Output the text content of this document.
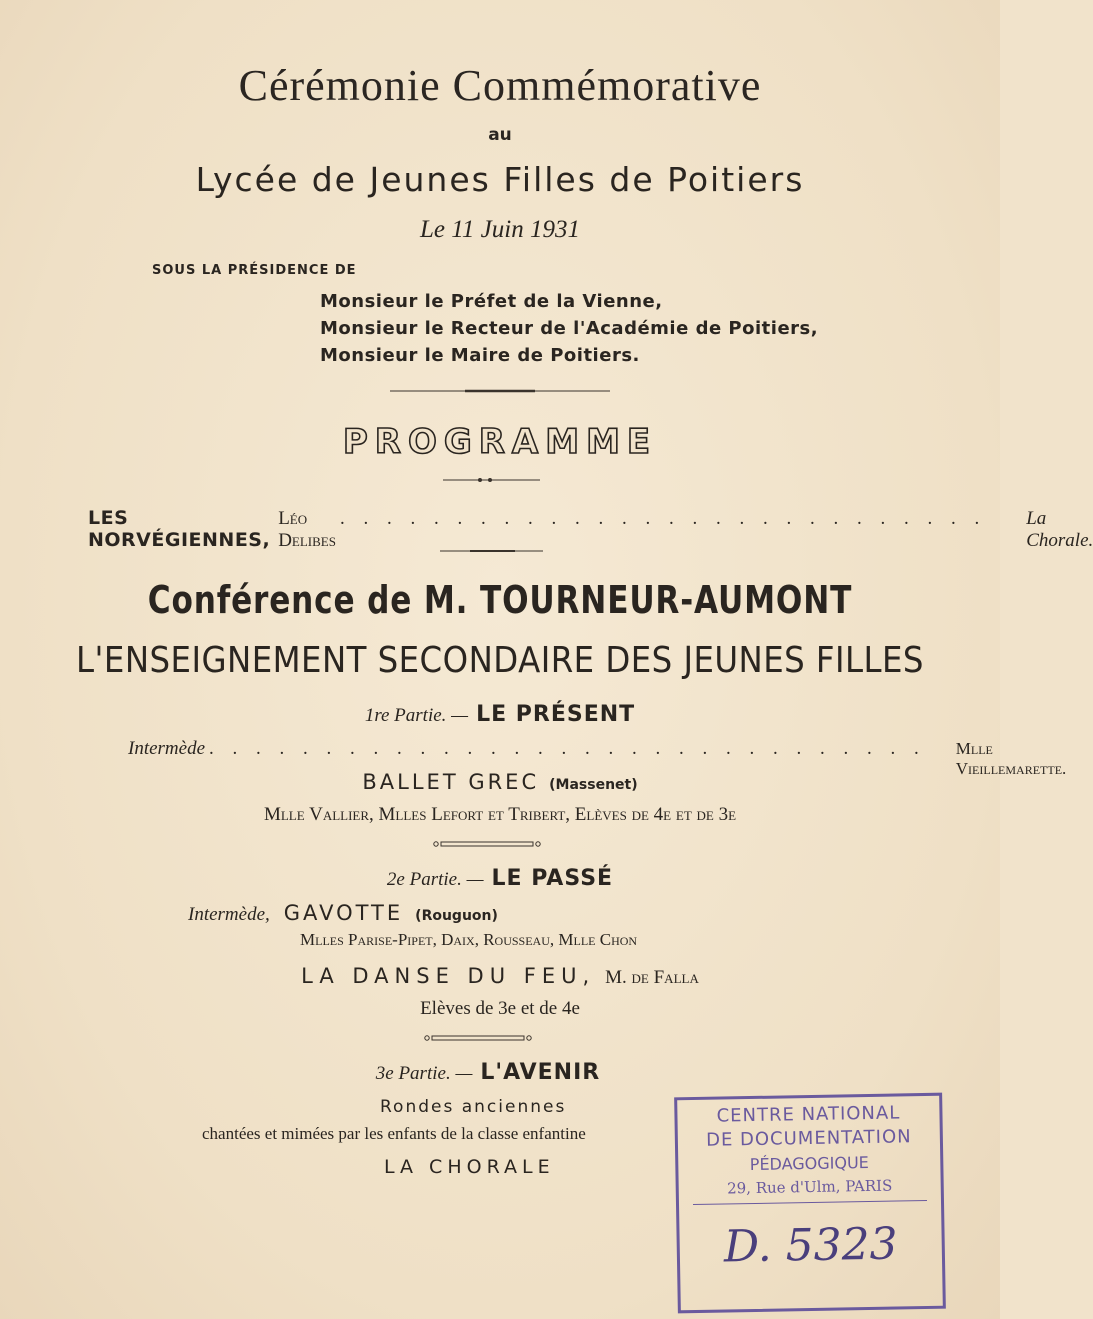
Cérémonie Commémorative
au
Lycée de Jeunes Filles de Poitiers
Le 11 Juin 1931
SOUS LA PRÉSIDENCE DE
Monsieur le Préfet de la Vienne,
Monsieur le Recteur de l'Académie de Poitiers,
Monsieur le Maire de Poitiers.
PROGRAMME
LES NORVÉGIENNES,
Léo Delibes
. . . . . . . . . . . . . . . . . . . . . . . . . . . . La Chorale.
Conférence de M. TOURNEUR-AUMONT
L'ENSEIGNEMENT SECONDAIRE DES JEUNES FILLES
1re Partie. — LE PRÉSENT
Intermède . . . . . . . . . . . . . . . . . . . . . . . . . . . . . . . Mlle Vieillemarette.
BALLET GREC (Massenet)
Mlle Vallier, Mlles Lefort et Tribert, Elèves de 4e et de 3e
2e Partie. — LE PASSÉ
Intermède, GAVOTTE (Rouguon)
Mlles Parise-Pipet, Daix, Rousseau, Mlle Chon
LA DANSE DU FEU, M. de Falla
Elèves de 3e et de 4e
3e Partie. — L'AVENIR
Rondes anciennes
chantées et mimées par les enfants de la classe enfantine
LA CHORALE
CENTRE NATIONAL
DE DOCUMENTATION
PÉDAGOGIQUE
29, Rue d'Ulm, PARIS
D. 5323
